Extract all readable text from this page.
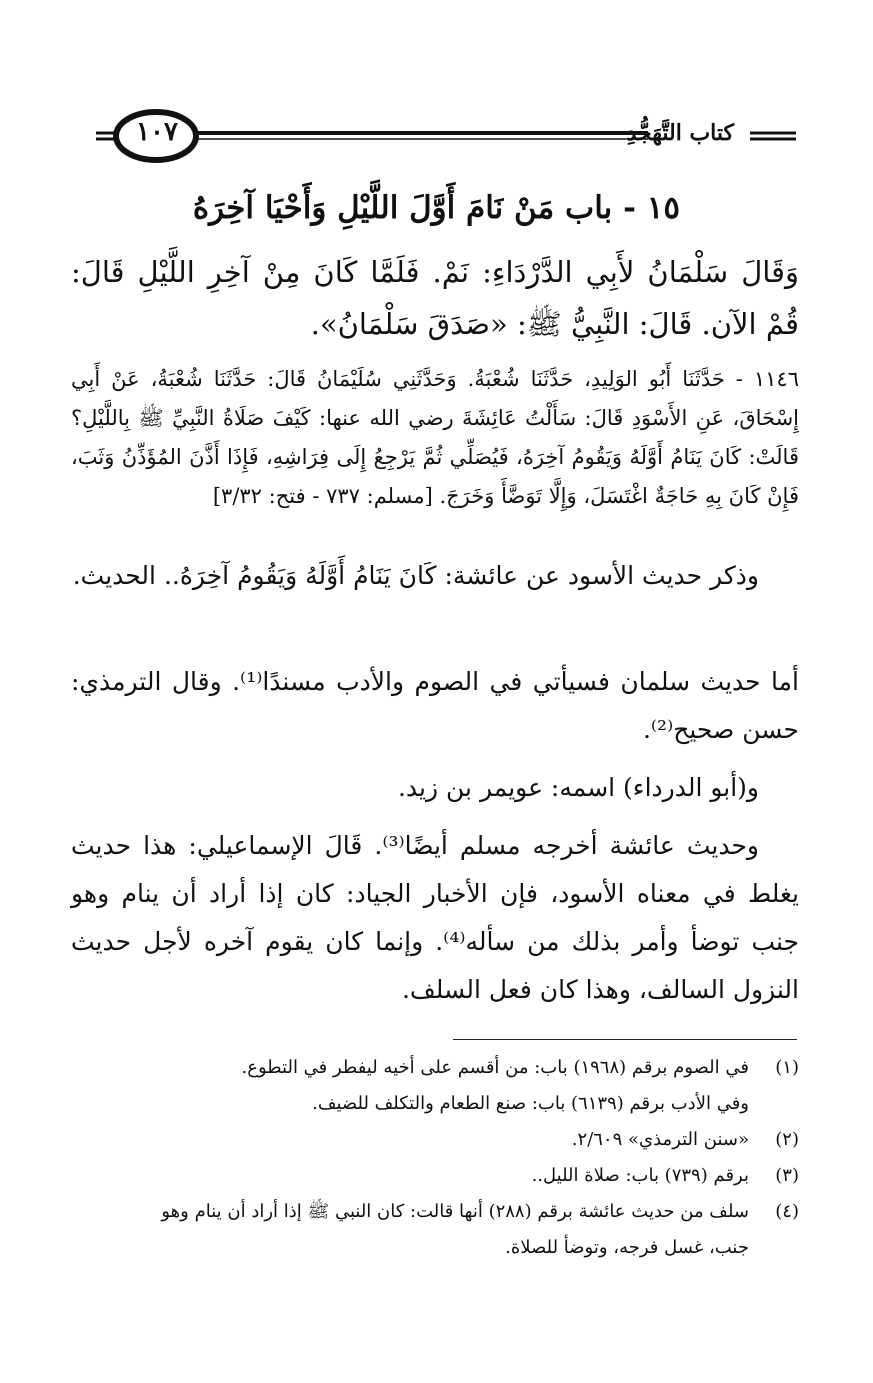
كتاب التَّهَجُّدِ
١٠٧
١٥ - باب مَنْ نَامَ أَوَّلَ اللَّيْلِ وَأَحْيَا آخِرَهُ
وَقَالَ سَلْمَانُ لأَبِي الدَّرْدَاءِ: نَمْ. فَلَمَّا كَانَ مِنْ آخِرِ اللَّيْلِ قَالَ: قُمْ الآن. قَالَ: النَّبِيُّ ﷺ: «صَدَقَ سَلْمَانُ».
١١٤٦ - حَدَّثَنَا أَبُو الوَلِيدِ، حَدَّثَنَا شُعْبَةُ. وَحَدَّثَنِي سُلَيْمَانُ قَالَ: حَدَّثَنَا شُعْبَةُ، عَنْ أَبِي إِسْحَاقَ، عَنِ الأَسْوَدِ قَالَ: سَأَلْتُ عَائِشَةَ رضي الله عنها: كَيْفَ صَلَاةُ النَّبِيِّ ﷺ بِاللَّيْلِ؟ قَالَتْ: كَانَ يَنَامُ أَوَّلَهُ وَيَقُومُ آخِرَهُ، فَيُصَلِّي ثُمَّ يَرْجِعُ إِلَى فِرَاشِهِ، فَإِذَا أَذَّنَ المُؤَذِّنُ وَثَبَ، فَإِنْ كَانَ بِهِ حَاجَةٌ اغْتَسَلَ، وَإِلَّا تَوَضَّأَ وَخَرَجَ. [مسلم: ٧٣٧ - فتح: ٣/٣٢]
وذكر حديث الأسود عن عائشة: كَانَ يَنَامُ أَوَّلَهُ وَيَقُومُ آخِرَهُ.. الحديث.
أما حديث سلمان فسيأتي في الصوم والأدب مسندًا⁽¹⁾. وقال الترمذي: حسن صحيح⁽²⁾.
و(أبو الدرداء) اسمه: عويمر بن زيد.
وحديث عائشة أخرجه مسلم أيضًا⁽³⁾. قَالَ الإسماعيلي: هذا حديث يغلط في معناه الأسود، فإن الأخبار الجياد: كان إذا أراد أن ينام وهو جنب توضأ وأمر بذلك من سأله⁽⁴⁾. وإنما كان يقوم آخره لأجل حديث النزول السالف، وهذا كان فعل السلف.
(١)
في الصوم برقم (١٩٦٨) باب: من أقسم على أخيه ليفطر في التطوع.
وفي الأدب برقم (٦١٣٩) باب: صنع الطعام والتكلف للضيف.
(٢)
«سنن الترمذي» ٢/٦٠٩.
(٣)
برقم (٧٣٩) باب: صلاة الليل..
(٤)
سلف من حديث عائشة برقم (٢٨٨) أنها قالت: كان النبي ﷺ إذا أراد أن ينام وهو
جنب، غسل فرجه، وتوضأ للصلاة.
